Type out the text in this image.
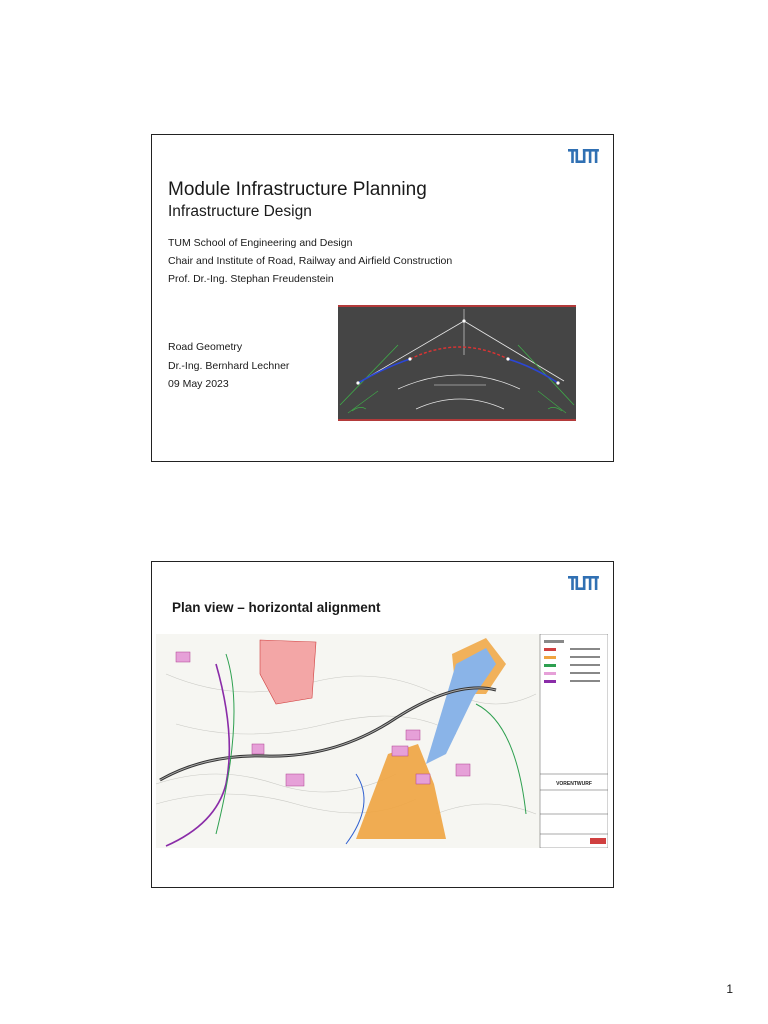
Module Infrastructure Planning
Infrastructure Design
TUM School of Engineering and Design
Chair and Institute of Road, Railway and Airfield Construction
Prof. Dr.-Ing. Stephan Freudenstein
Road Geometry
Dr.-Ing. Bernhard Lechner
09 May 2023
Plan view – horizontal alignment
VORENTWURF
1
